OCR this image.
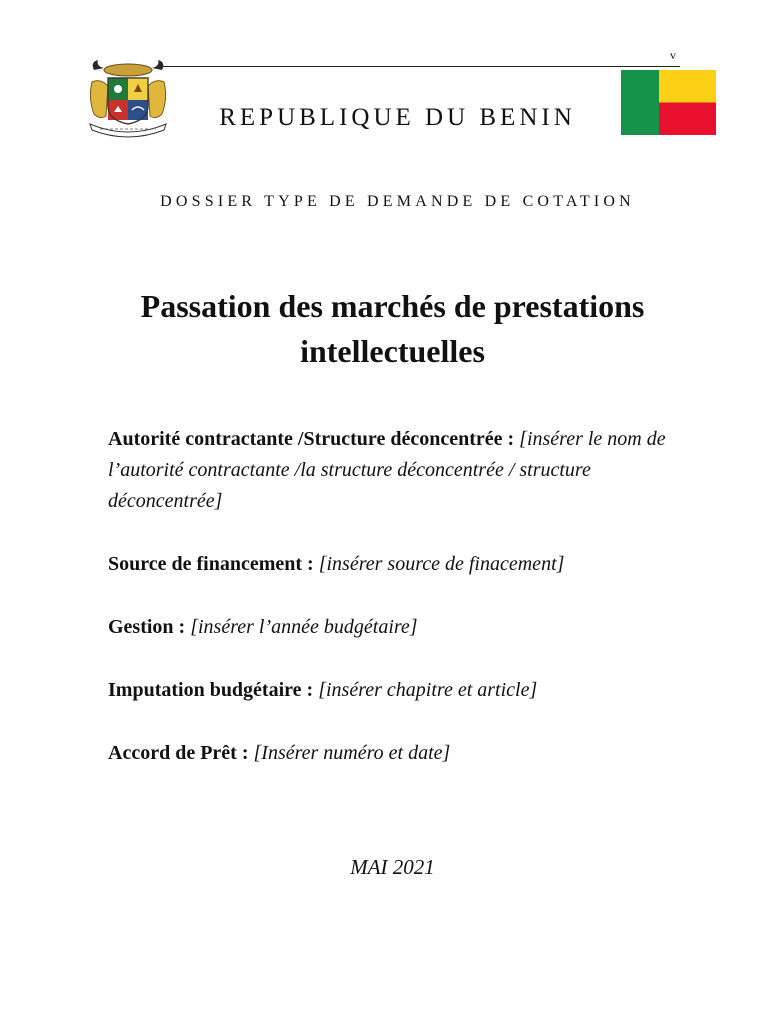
v
REPUBLIQUE DU BENIN
DOSSIER TYPE DE DEMANDE DE COTATION
Passation des marchés de prestations intellectuelles
Autorité contractante /Structure déconcentrée : [insérer le nom de l’autorité contractante /la structure déconcentrée / structure déconcentrée]
Source de financement : [insérer source de finacement]
Gestion : [insérer l’année budgétaire]
Imputation budgétaire : [insérer chapitre et article]
Accord de Prêt : [Insérer numéro et date]
MAI 2021
